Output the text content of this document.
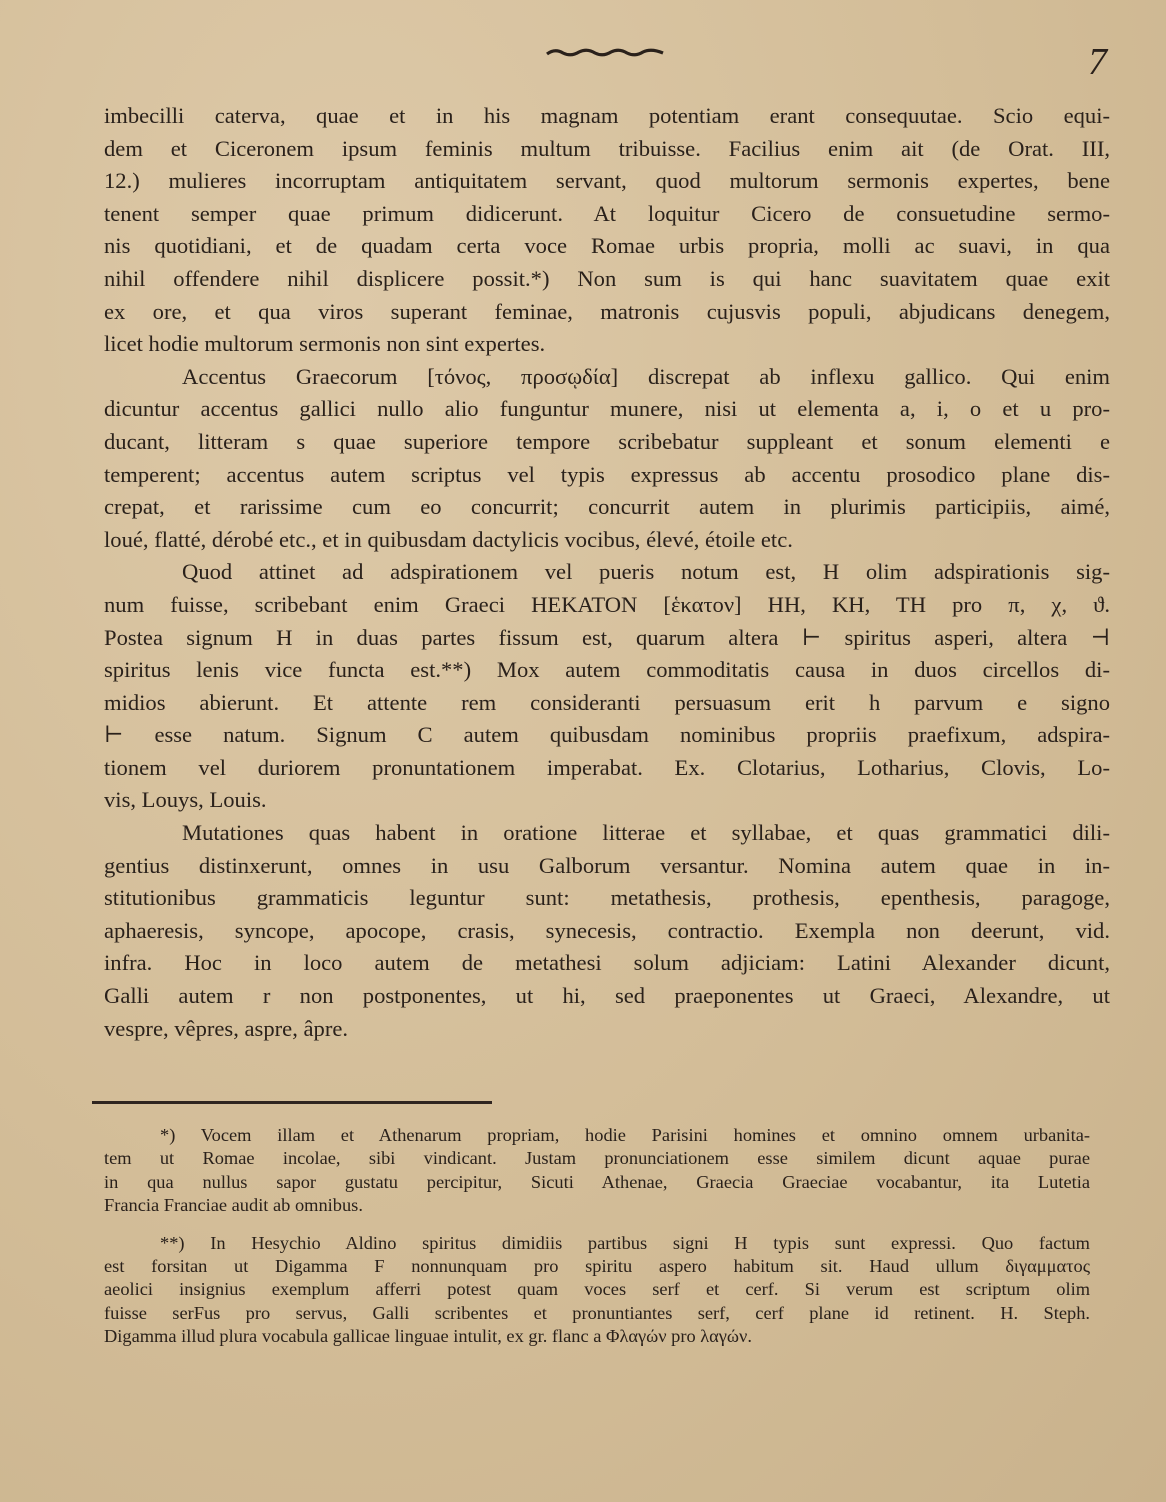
7

imbecilli caterva, quae et in his magnam potentiam erant consequutae. Scio equi-
dem et Ciceronem ipsum feminis multum tribuisse. Facilius enim ait (de Orat. III,
12.) mulieres incorruptam antiquitatem servant, quod multorum sermonis expertes, bene
tenent semper quae primum didicerunt. At loquitur Cicero de consuetudine sermo-
nis quotidiani, et de quadam certa voce Romae urbis propria, molli ac suavi, in qua
nihil offendere nihil displicere possit.*) Non sum is qui hanc suavitatem quae exit
ex ore, et qua viros superant feminae, matronis cujusvis populi, abjudicans denegem,
licet hodie multorum sermonis non sint expertes.

Accentus Graecorum [τόνος, προσῳδία] discrepat ab inflexu gallico. Qui enim
dicuntur accentus gallici nullo alio funguntur munere, nisi ut elementa a, i, o et u pro-
ducant, litteram s quae superiore tempore scribebatur suppleant et sonum elementi e
temperent; accentus autem scriptus vel typis expressus ab accentu prosodico plane dis-
crepat, et rarissime cum eo concurrit; concurrit autem in plurimis participiis, aimé,
loué, flatté, dérobé etc., et in quibusdam dactylicis vocibus, élevé, étoile etc.

Quod attinet ad adspirationem vel pueris notum est, H olim adspirationis sig-
num fuisse, scribebant enim Graeci HEKATON [ἑκατον] HH, KH, TH pro π, χ, ϑ.
Postea signum H in duas partes fissum est, quarum altera ⊢ spiritus asperi, altera ⊣
spiritus lenis vice functa est.**) Mox autem commoditatis causa in duos circellos di-
midios abierunt. Et attente rem consideranti persuasum erit h parvum e signo
⊢ esse natum. Signum C autem quibusdam nominibus propriis praefixum, adspira-
tionem vel duriorem pronuntationem imperabat. Ex. Clotarius, Lotharius, Clovis, Lo-
vis, Louys, Louis.

Mutationes quas habent in oratione litterae et syllabae, et quas grammatici dili-
gentius distinxerunt, omnes in usu Galborum versantur. Nomina autem quae in in-
stitutionibus grammaticis leguntur sunt: metathesis, prothesis, epenthesis, paragoge,
aphaeresis, syncope, apocope, crasis, synecesis, contractio. Exempla non deerunt, vid.
infra. Hoc in loco autem de metathesi solum adjiciam: Latini Alexander dicunt,
Galli autem r non postponentes, ut hi, sed praeponentes ut Graeci, Alexandre, ut
vespre, vêpres, aspre, âpre.

*) Vocem illam et Athenarum propriam, hodie Parisini homines et omnino omnem urbanita-
tem ut Romae incolae, sibi vindicant. Justam pronunciationem esse similem dicunt aquae purae
in qua nullus sapor gustatu percipitur, Sicuti Athenae, Graecia Graeciae vocabantur, ita Lutetia
Francia Franciae audit ab omnibus.

**) In Hesychio Aldino spiritus dimidiis partibus signi H typis sunt expressi. Quo factum
est forsitan ut Digamma F nonnunquam pro spiritu aspero habitum sit. Haud ullum διγαμματος
aeolici insignius exemplum afferri potest quam voces serf et cerf. Si verum est scriptum olim
fuisse serFus pro servus, Galli scribentes et pronuntiantes serf, cerf plane id retinent. H. Steph.
Digamma illud plura vocabula gallicae linguae intulit, ex gr. flanc a Φλαγών pro λαγών.
